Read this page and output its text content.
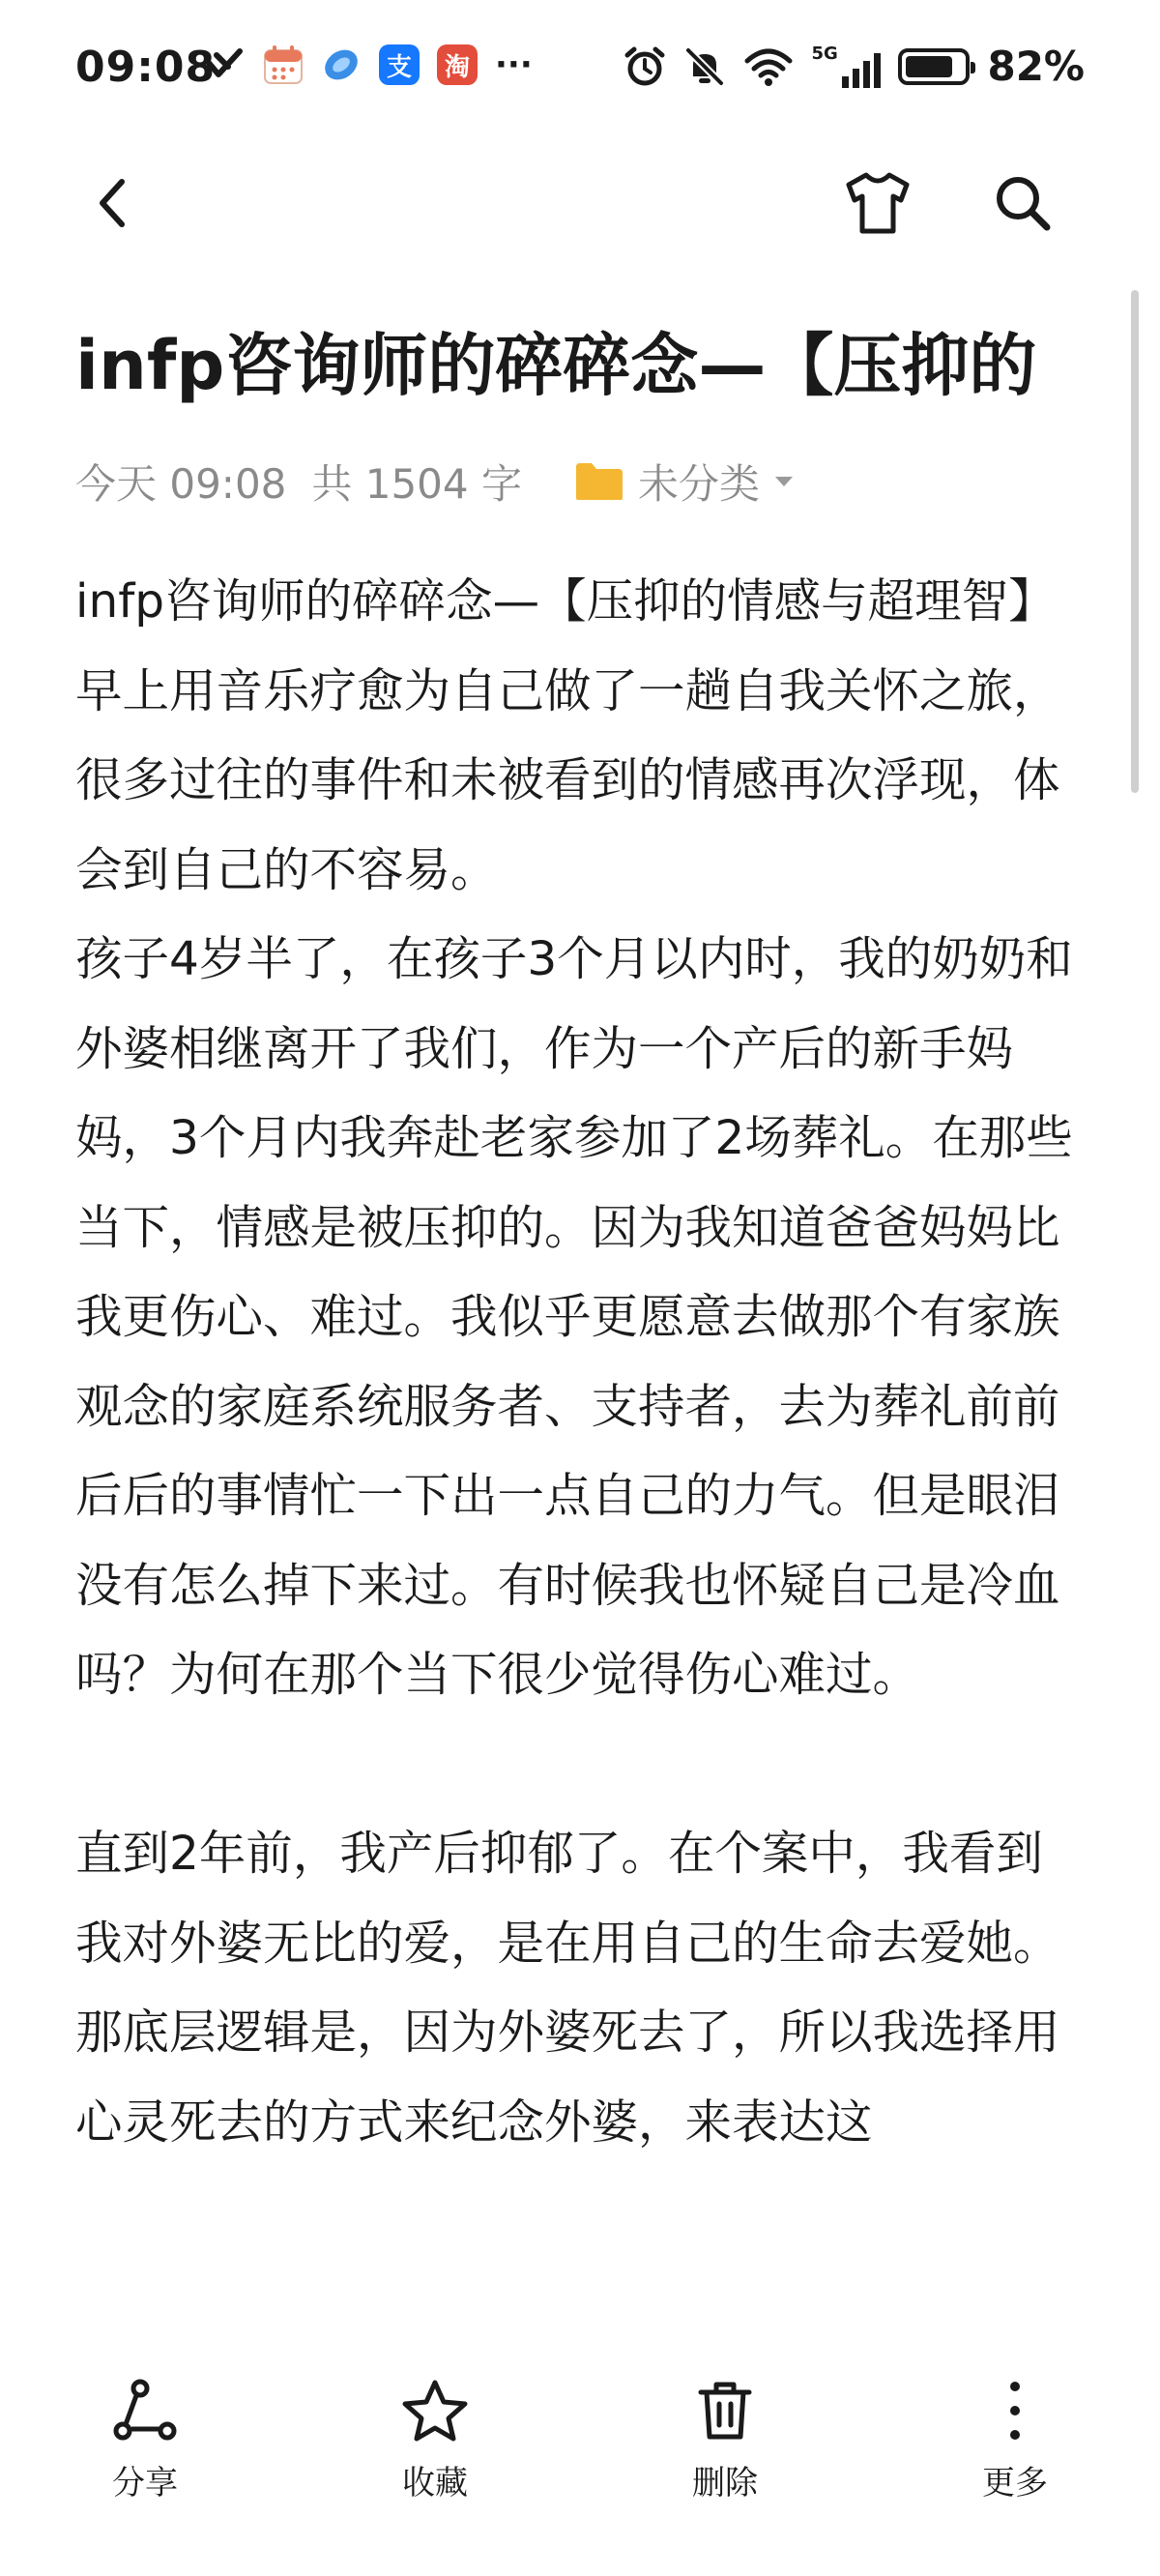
09:08	支	淘 ···	5G	82%
infp咨询师的碎碎念—【压抑的
今天 09:08 共 1504 字	未分类

infp咨询师的碎碎念—【压抑的情感与超理智】

早上用音乐疗愈为自己做了一趟自我关怀之旅，很多过往的事件和未被看到的情感再次浮现，体会到自己的不容易。

孩子4岁半了，在孩子3个月以内时，我的奶奶和外婆相继离开了我们，作为一个产后的新手妈妈，3个月内我奔赴老家参加了2场葬礼。在那些当下，情感是被压抑的。因为我知道爸爸妈妈比我更伤心、难过。我似乎更愿意去做那个有家族观念的家庭系统服务者、支持者，去为葬礼前前后后的事情忙一下出一点自己的力气。但是眼泪没有怎么掉下来过。有时候我也怀疑自己是冷血吗？为何在那个当下很少觉得伤心难过。

直到2年前，我产后抑郁了。在个案中，我看到我对外婆无比的爱，是在用自己的生命去爱她。那底层逻辑是，因为外婆死去了，所以我选择用心灵死去的方式来纪念外婆，来表达这

分享	收藏	删除	更多
